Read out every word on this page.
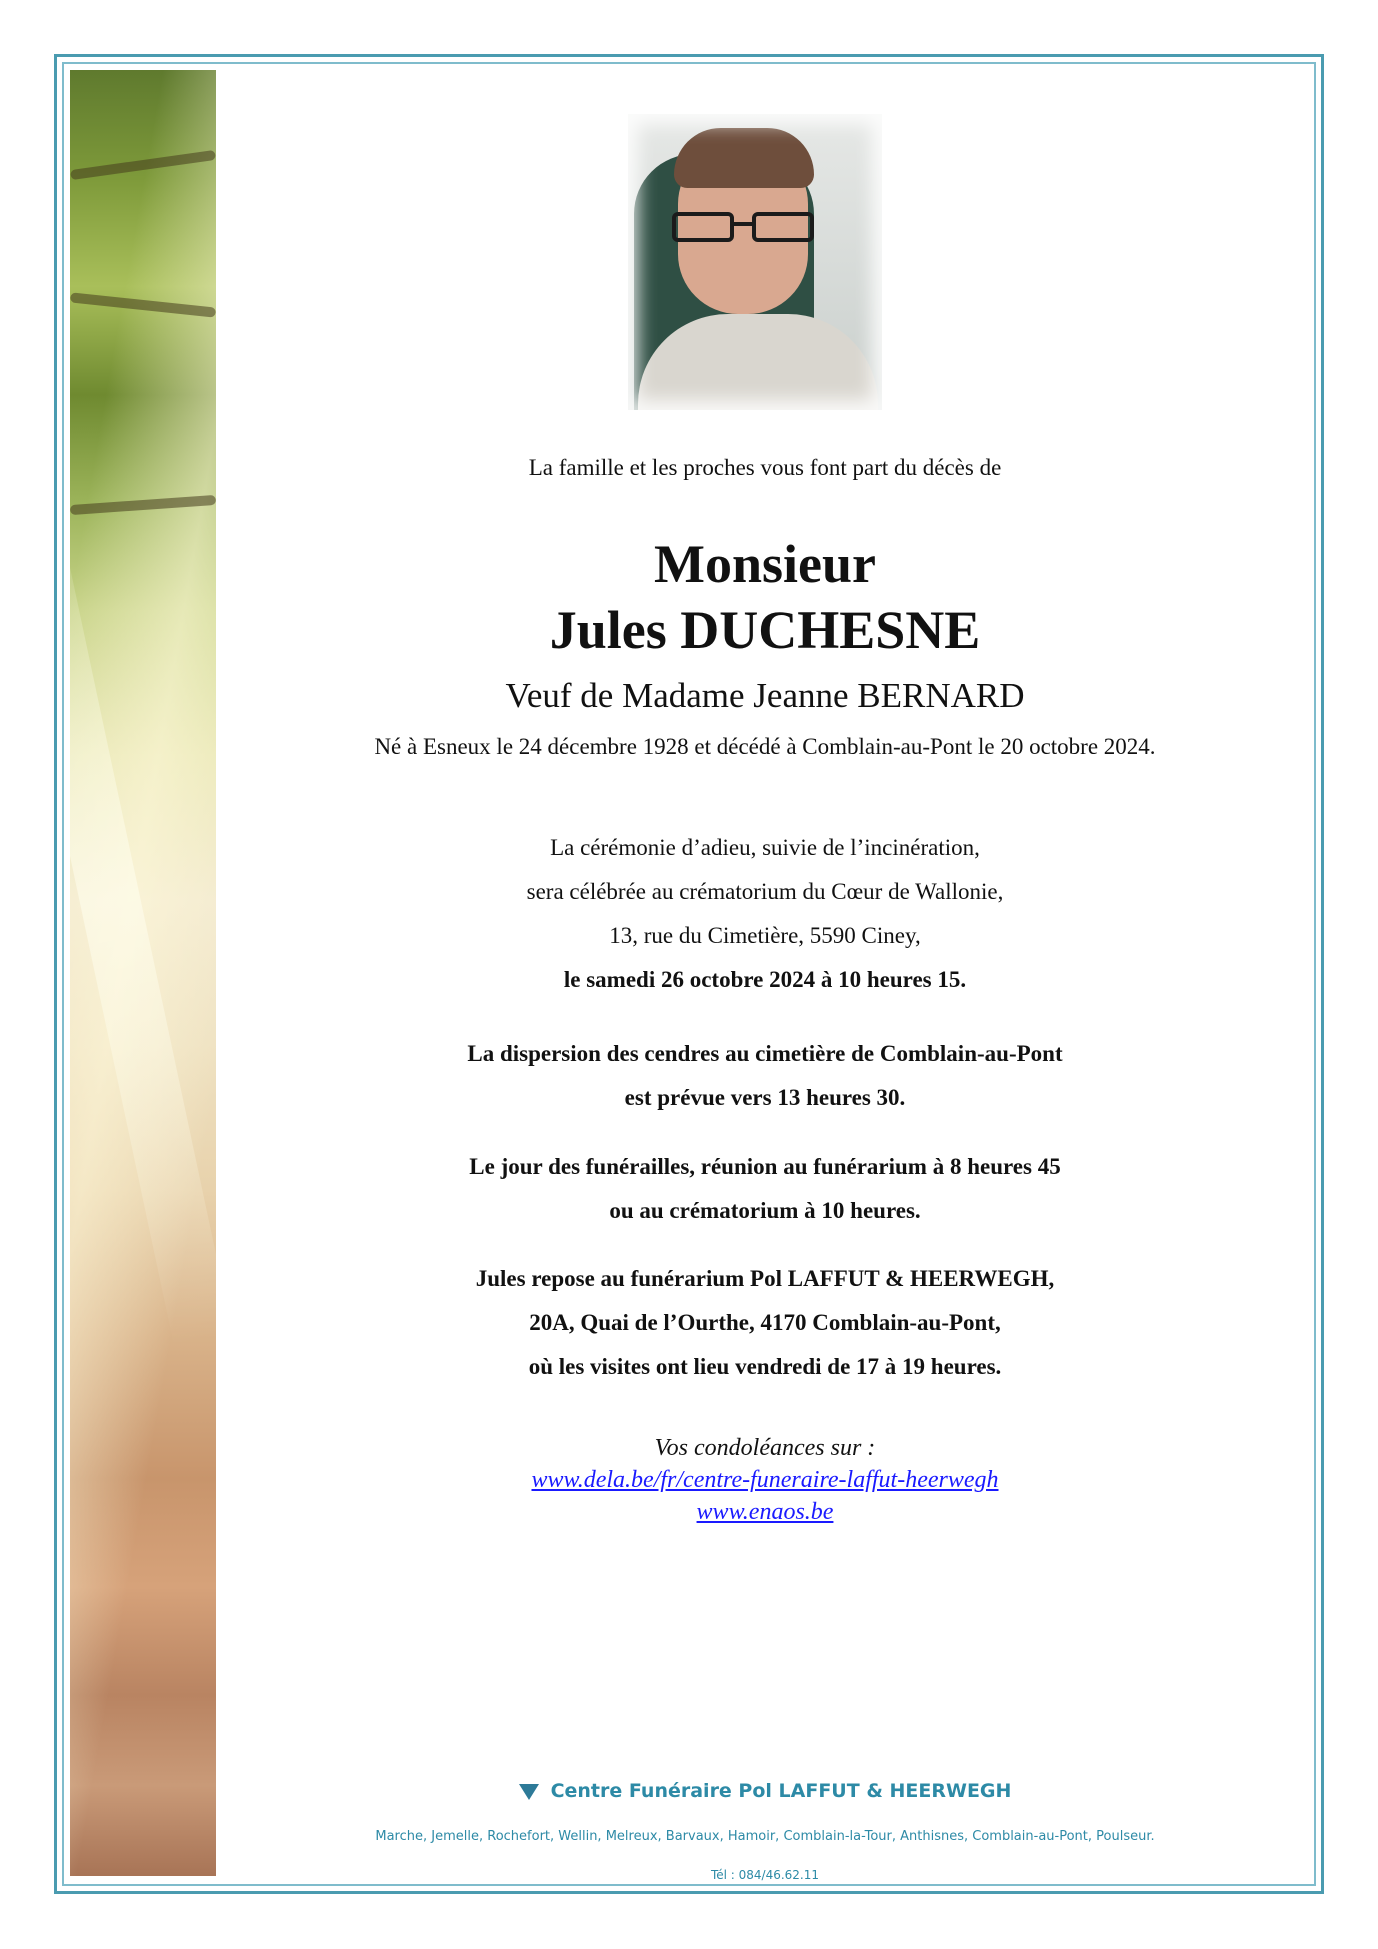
La famille et les proches vous font part du décès de
Monsieur
Jules DUCHESNE
Veuf de Madame Jeanne BERNARD
Né à Esneux le 24 décembre 1928 et décédé à Comblain-au-Pont le 20 octobre 2024.
La cérémonie d’adieu, suivie de l’incinération,
sera célébrée au crématorium du Cœur de Wallonie,
13, rue du Cimetière, 5590 Ciney,
le samedi 26 octobre 2024 à 10 heures 15.
La dispersion des cendres au cimetière de Comblain-au-Pont
est prévue vers 13 heures 30.
Le jour des funérailles, réunion au funérarium à 8 heures 45
ou au crématorium à 10 heures.
Jules repose au funérarium Pol LAFFUT & HEERWEGH,
20A, Quai de l’Ourthe, 4170 Comblain-au-Pont,
où les visites ont lieu vendredi de 17 à 19 heures.
Vos condoléances sur :
www.dela.be/fr/centre-funeraire-laffut-heerwegh
www.enaos.be
Centre Funéraire Pol LAFFUT & HEERWEGH
Marche, Jemelle, Rochefort, Wellin, Melreux, Barvaux, Hamoir, Comblain-la-Tour, Anthisnes, Comblain-au-Pont, Poulseur.
Tél : 084/46.62.11
